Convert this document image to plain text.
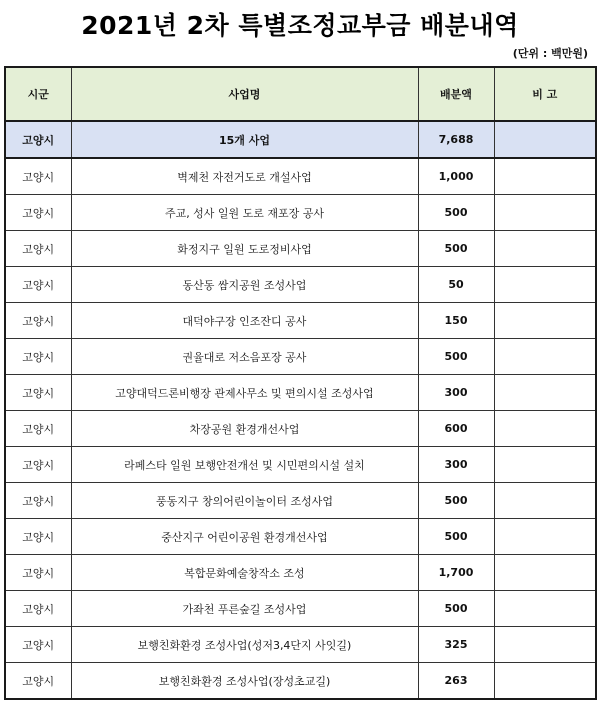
2021년 2차 특별조정교부금 배분내역
(단위 : 백만원)
시군	사업명	배분액	비 고
고양시	15개 사업	7,688	
고양시	벽제천 자전거도로 개설사업	1,000	
고양시	주교, 성사 일원 도로 재포장 공사	500	
고양시	화정지구 일원 도로정비사업	500	
고양시	동산동 쌈지공원 조성사업	50	
고양시	대덕야구장 인조잔디 공사	150	
고양시	권율대로 저소음포장 공사	500	
고양시	고양대덕드론비행장 관제사무소 및 편의시설 조성사업	300	
고양시	차장공원 환경개선사업	600	
고양시	라페스타 일원 보행안전개선 및 시민편의시설 설치	300	
고양시	풍동지구 창의어린이놀이터 조성사업	500	
고양시	중산지구 어린이공원 환경개선사업	500	
고양시	복합문화예술창작소 조성	1,700	
고양시	가좌천 푸른숲길 조성사업	500	
고양시	보행친화환경 조성사업(성저3,4단지 사잇길)	325	
고양시	보행친화환경 조성사업(장성초교길)	263	
